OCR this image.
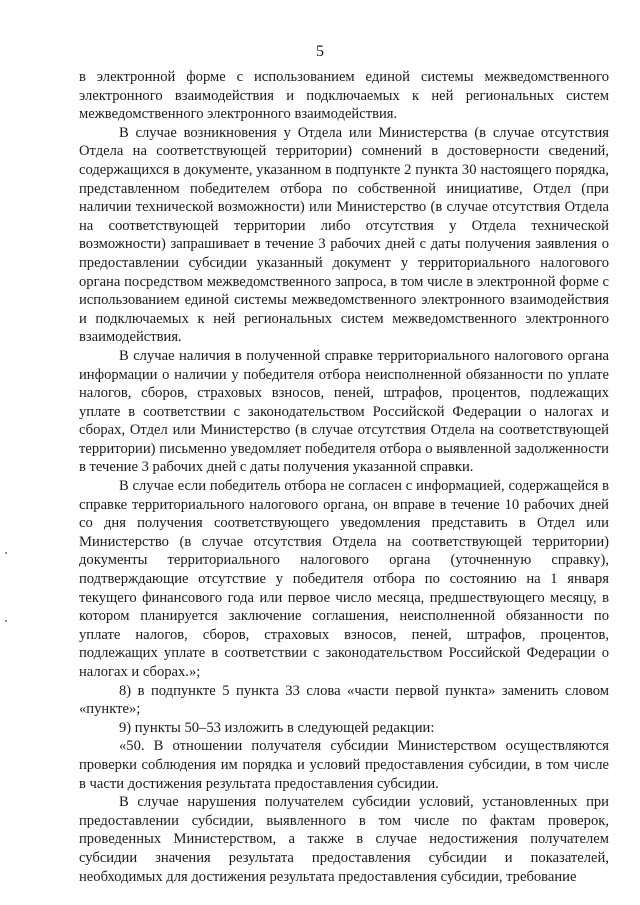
5

в электронной форме с использованием единой системы межведомственного электронного взаимодействия и подключаемых к ней региональных систем межведомственного электронного взаимодействия.

В случае возникновения у Отдела или Министерства (в случае отсутствия Отдела на соответствующей территории) сомнений в достоверности сведений, содержащихся в документе, указанном в подпункте 2 пункта 30 настоящего порядка, представленном победителем отбора по собственной инициативе, Отдел (при наличии технической возможности) или Министерство (в случае отсутствия Отдела на соответствующей территории либо отсутствия у Отдела технической возможности) запрашивает в течение 3 рабочих дней с даты получения заявления о предоставлении субсидии указанный документ у территориального налогового органа посредством межведомственного запроса, в том числе в электронной форме с использованием единой системы межведомственного электронного взаимодействия и подключаемых к ней региональных систем межведомственного электронного взаимодействия.

В случае наличия в полученной справке территориального налогового органа информации о наличии у победителя отбора неисполненной обязанности по уплате налогов, сборов, страховых взносов, пеней, штрафов, процентов, подлежащих уплате в соответствии с законодательством Российской Федерации о налогах и сборах, Отдел или Министерство (в случае отсутствия Отдела на соответствующей территории) письменно уведомляет победителя отбора о выявленной задолженности в течение 3 рабочих дней с даты получения указанной справки.

В случае если победитель отбора не согласен с информацией, содержащейся в справке территориального налогового органа, он вправе в течение 10 рабочих дней со дня получения соответствующего уведомления представить в Отдел или Министерство (в случае отсутствия Отдела на соответствующей территории) документы территориального налогового органа (уточненную справку), подтверждающие отсутствие у победителя отбора по состоянию на 1 января текущего финансового года или первое число месяца, предшествующего месяцу, в котором планируется заключение соглашения, неисполненной обязанности по уплате налогов, сборов, страховых взносов, пеней, штрафов, процентов, подлежащих уплате в соответствии с законодательством Российской Федерации о налогах и сборах.»;

8) в подпункте 5 пункта 33 слова «части первой пункта» заменить словом «пункте»;

9) пункты 50–53 изложить в следующей редакции:

«50. В отношении получателя субсидии Министерством осуществляются проверки соблюдения им порядка и условий предоставления субсидии, в том числе в части достижения результата предоставления субсидии.

В случае нарушения получателем субсидии условий, установленных при предоставлении субсидии, выявленного в том числе по фактам проверок, проведенных Министерством, а также в случае недостижения получателем субсидии значения результата предоставления субсидии и показателей, необходимых для достижения результата предоставления субсидии, требование
